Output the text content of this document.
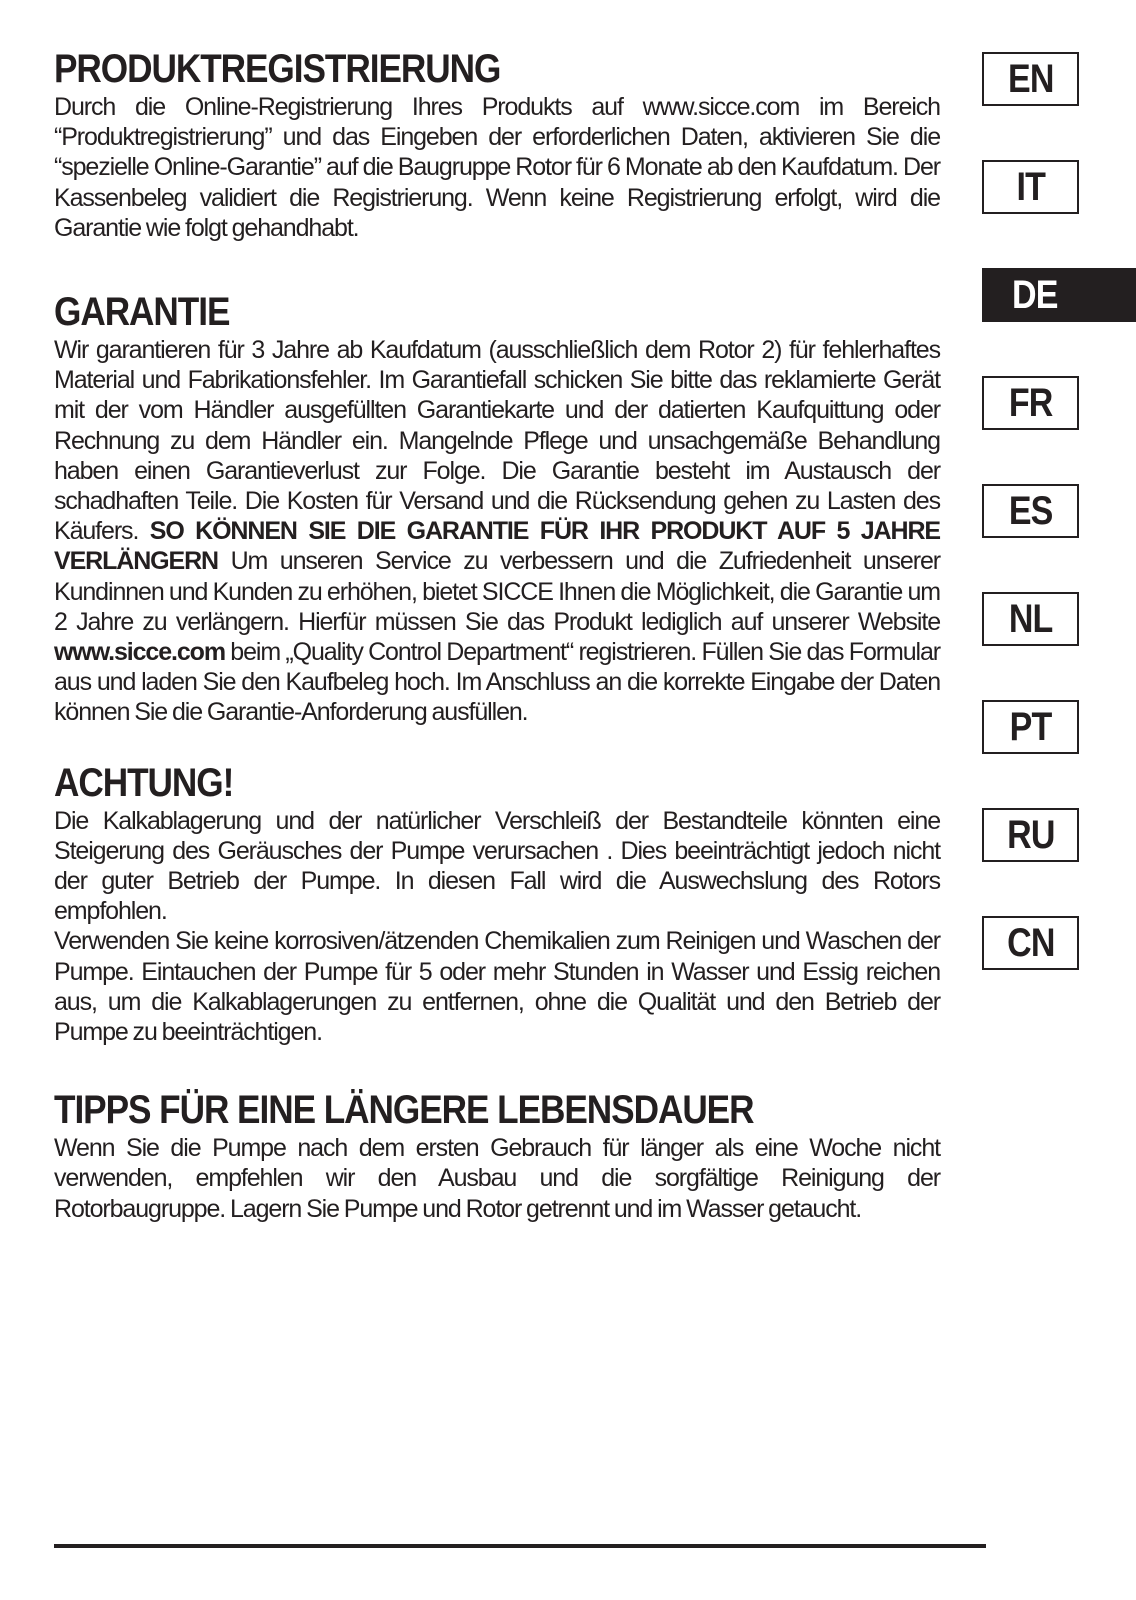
PRODUKTREGISTRIERUNG

Durch die Online-Registrierung Ihres Produkts auf www.sicce.com im Bereich “Produktregistrierung” und das Eingeben der erforderlichen Daten, aktivieren Sie die “spezielle Online-Garantie” auf die Baugruppe Rotor für 6 Monate ab den Kaufdatum. Der Kassenbeleg validiert die Registrierung. Wenn keine Registrierung erfolgt, wird die Garantie wie folgt gehandhabt.

GARANTIE

Wir garantieren für 3 Jahre ab Kaufdatum (ausschließlich dem Rotor 2) für fehlerhaftes Material und Fabrikationsfehler. Im Garantiefall schicken Sie bitte das reklamierte Gerät mit der vom Händler ausgefüllten Garantiekarte und der datierten Kaufquittung oder Rechnung zu dem Händler ein. Mangelnde Pflege und unsachgemäße Behandlung haben einen Garantieverlust zur Folge. Die Garantie besteht im Austausch der schadhaften Teile. Die Kosten für Versand und die Rücksendung gehen zu Lasten des Käufers. SO KÖNNEN SIE DIE GARANTIE FÜR IHR PRODUKT AUF 5 JAHRE VERLÄNGERN Um unseren Service zu verbessern und die Zufriedenheit unserer Kundinnen und Kunden zu erhöhen, bietet SICCE Ihnen die Möglichkeit, die Garantie um 2 Jahre zu verlängern. Hierfür müssen Sie das Produkt lediglich auf unserer Website www.sicce.com beim „Quality Control Department“ registrieren. Füllen Sie das Formular aus und laden Sie den Kaufbeleg hoch. Im Anschluss an die korrekte Eingabe der Daten können Sie die Garantie-Anforderung ausfüllen.

ACHTUNG!

Die Kalkablagerung und der natürlicher Verschleiß der Bestandteile könnten eine Steigerung des Geräusches der Pumpe verursachen . Dies beeinträchtigt jedoch nicht der guter Betrieb der Pumpe. In diesen Fall wird die Auswechslung des Rotors empfohlen.

Verwenden Sie keine korrosiven/ätzenden Chemikalien zum Reinigen und Waschen der Pumpe. Eintauchen der Pumpe für 5 oder mehr Stunden in Wasser und Essig reichen aus, um die Kalkablagerungen zu entfernen, ohne die Qualität und den Betrieb der Pumpe zu beeinträchtigen.

TIPPS FÜR EINE LÄNGERE LEBENSDAUER

Wenn Sie die Pumpe nach dem ersten Gebrauch für länger als eine Woche nicht verwenden, empfehlen wir den Ausbau und die sorgfältige Reinigung der Rotorbaugruppe. Lagern Sie Pumpe und Rotor getrennt und im Wasser getaucht.

EN
IT
DE
FR
ES
NL
PT
RU
CN
